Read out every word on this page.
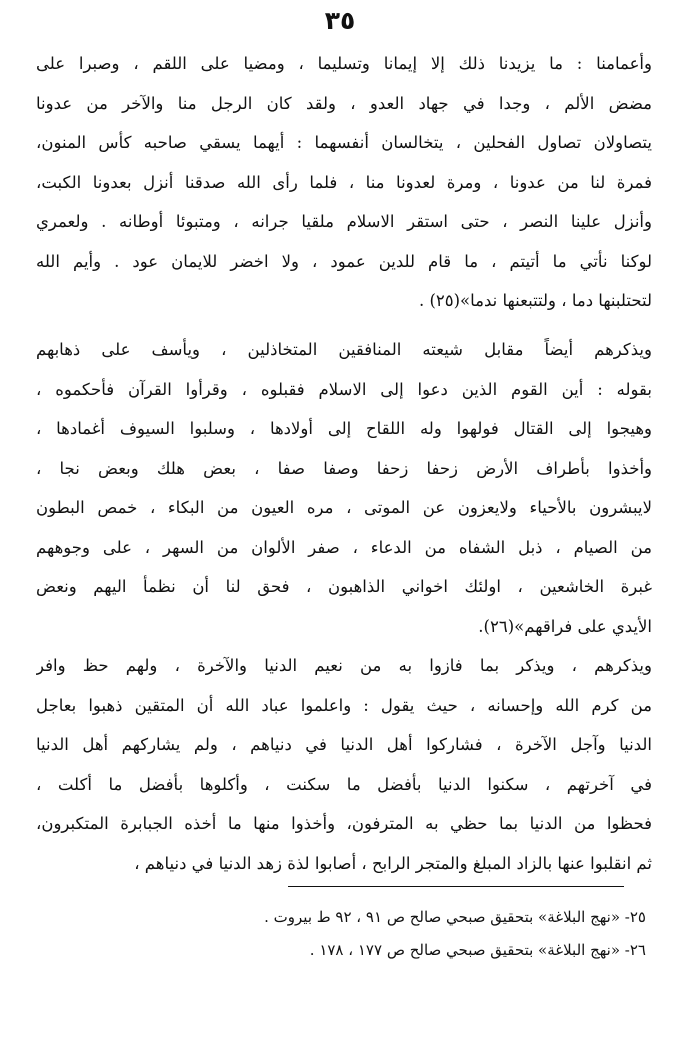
٣٥
وأعمامنا : ما يزيدنا ذلك إلا إيمانا وتسليما ، ومضيا على اللقم ، وصبرا على
مضض الألم ، وجدا في جهاد العدو ، ولقد كان الرجل منا والآخر من عدونا
يتصاولان تصاول الفحلين ، يتخالسان أنفسهما : أيهما يسقي صاحبه كأس المنون،
فمرة لنا من عدونا ، ومرة لعدونا منا ، فلما رأى الله صدقنا أنزل بعدونا الكبت،
وأنزل علينا النصر ، حتى استقر الاسلام ملقيا جرانه ، ومتبوئا أوطانه . ولعمري
لوكنا نأتي ما أتيتم ، ما قام للدين عمود ، ولا اخضر للايمان عود . وأيم الله
لتحتلبنها دما ، ولتتبعنها ندما»(٢٥) .
ويذكرهم أيضاً مقابل شيعته المنافقين المتخاذلين ، ويأسف على ذهابهم
بقوله : أين القوم الذين دعوا إلى الاسلام فقبلوه ، وقرأوا القرآن فأحكموه ،
وهيجوا إلى القتال فولهوا وله اللقاح إلى أولادها ، وسلبوا السيوف أغمادها ،
وأخذوا بأطراف الأرض زحفا زحفا وصفا صفا ، بعض هلك وبعض نجا ،
لايبشرون بالأحياء ولايعزون عن الموتى ، مره العيون من البكاء ، خمص البطون
من الصيام ، ذبل الشفاه من الدعاء ، صفر الألوان من السهر ، على وجوههم
غبرة الخاشعين ، اولئك اخواني الذاهبون ، فحق لنا أن نظمأ اليهم ونعض
الأيدي على فراقهم»(٢٦).
ويذكرهم ، ويذكر بما فازوا به من نعيم الدنيا والآخرة ، ولهم حظ وافر
من كرم الله وإحسانه ، حيث يقول : واعلموا عباد الله أن المتقين ذهبوا بعاجل
الدنيا وآجل الآخرة ، فشاركوا أهل الدنيا في دنياهم ، ولم يشاركهم أهل الدنيا
في آخرتهم ، سكنوا الدنيا بأفضل ما سكنت ، وأكلوها بأفضل ما أكلت ،
فحظوا من الدنيا بما حظي به المترفون، وأخذوا منها ما أخذه الجبابرة المتكبرون،
ثم انقلبوا عنها بالزاد المبلغ والمتجر الرابح ، أصابوا لذة زهد الدنيا في دنياهم ،
٢٥- «نهج البلاغة» بتحقيق صبحي صالح ص ٩١ ، ٩٢ ط بيروت .
٢٦- «نهج البلاغة» بتحقيق صبحي صالح ص ١٧٧ ، ١٧٨ .
